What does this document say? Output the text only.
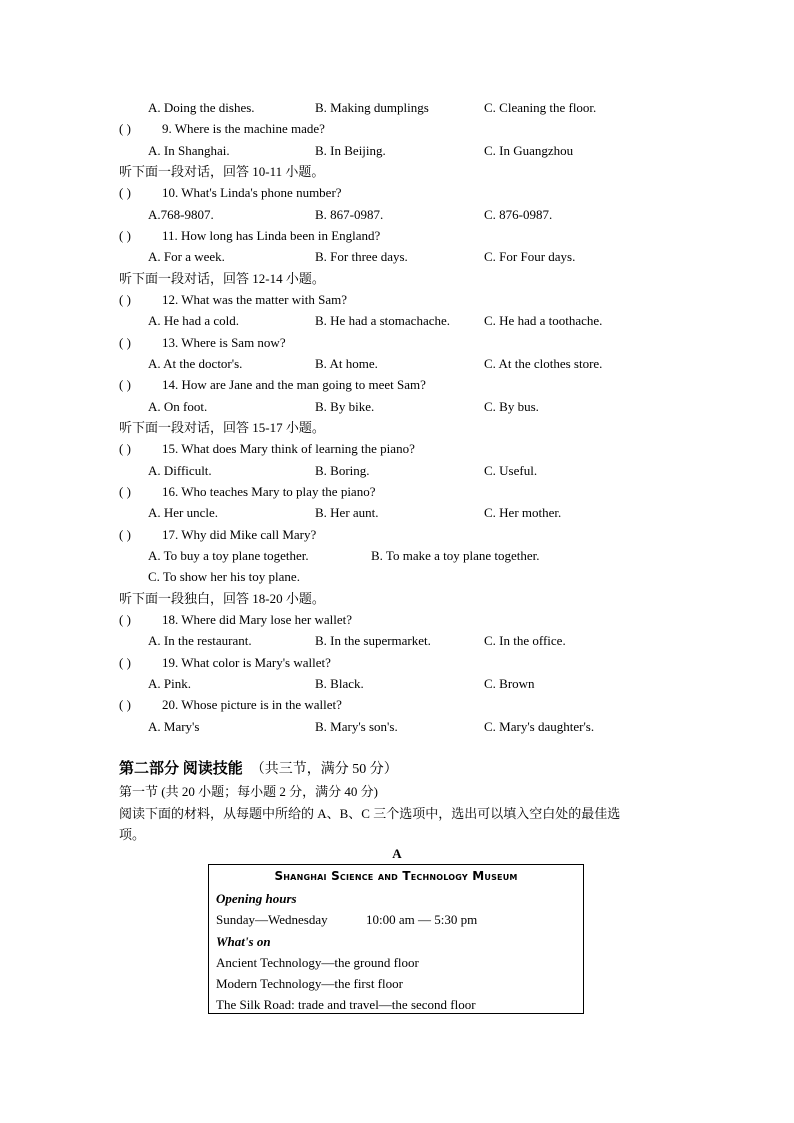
A. Doing the dishes.	B. Making dumplings	C. Cleaning the floor.
( ) 9. Where is the machine made?
A. In Shanghai.	B. In Beijing.	C. In Guangzhou
听下面一段对话，回答 10-11 小题。
( ) 10. What's Linda's phone number?
A.768-9807.	B. 867-0987.	C. 876-0987.
( ) 11. How long has Linda been in England?
A. For a week.	B. For three days.	C. For Four days.
听下面一段对话，回答 12-14 小题。
( ) 12. What was the matter with Sam?
A. He had a cold.	B. He had a stomachache.	C. He had a toothache.
( ) 13. Where is Sam now?
A. At the doctor's.	B. At home.	C. At the clothes store.
( ) 14. How are Jane and the man going to meet Sam?
A. On foot.	B. By bike.	C. By bus.
听下面一段对话，回答 15-17 小题。
( ) 15. What does Mary think of learning the piano?
A. Difficult.	B. Boring.	C. Useful.
( ) 16. Who teaches Mary to play the piano?
A. Her uncle.	B. Her aunt.	C. Her mother.
( ) 17. Why did Mike call Mary?
A. To buy a toy plane together.	B. To make a toy plane together.
C. To show her his toy plane.
听下面一段独白，回答 18-20 小题。
( ) 18. Where did Mary lose her wallet?
A. In the restaurant.	B. In the supermarket.	C. In the office.
( ) 19. What color is Mary's wallet?
A. Pink.	B. Black.	C. Brown
( ) 20. Whose picture is in the wallet?
A. Mary's	B. Mary's son's.	C. Mary's daughter's.
第二部分 阅读技能 （共三节，满分 50 分）
第一节 (共 20 小题；每小题 2 分，满分 40 分)
阅读下面的材料，从每题中所给的 A、B、C 三个选项中，选出可以填入空白处的最佳选
项。
A
Shanghai Science and Technology Museum
Opening hours
Sunday—Wednesday	10:00 am — 5:30 pm
What's on
Ancient Technology—the ground floor
Modern Technology—the first floor
The Silk Road: trade and travel—the second floor
